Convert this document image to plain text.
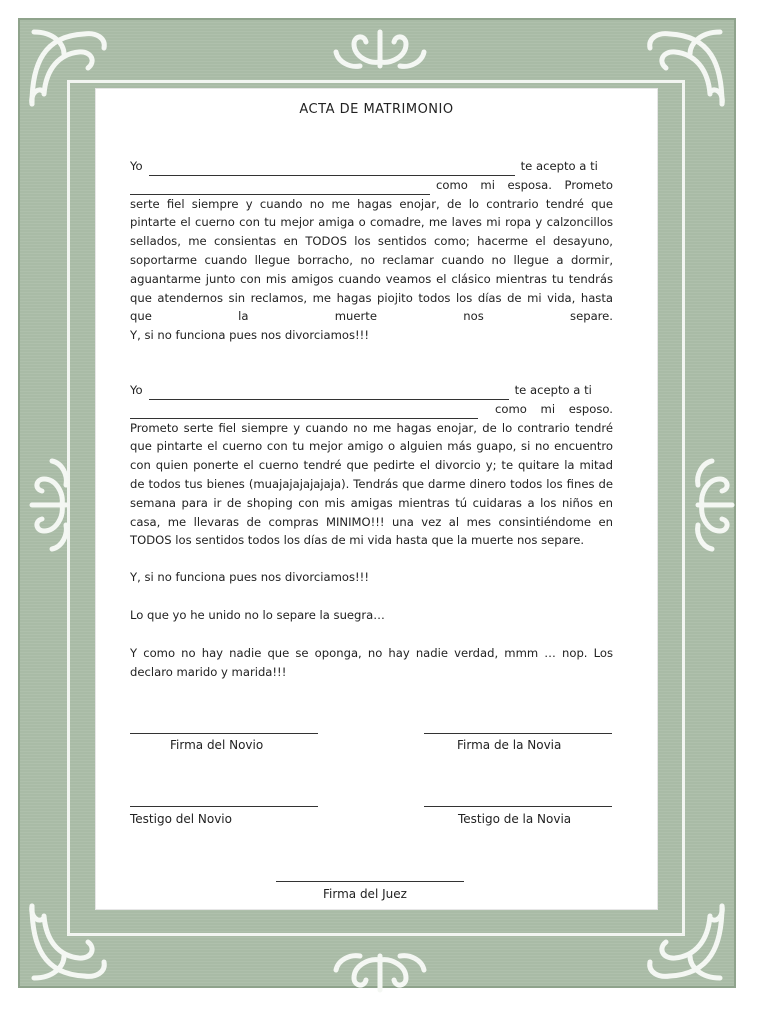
ACTA DE MATRIMONIO
Yo	te acepto a ti
como mi esposa. Prometo
serte fiel siempre y cuando no me hagas enojar, de lo contrario tendré que pintarte el cuerno con tu mejor amiga o comadre, me laves mi ropa y calzoncillos sellados, me consientas en TODOS los sentidos como; hacerme el desayuno, soportarme cuando llegue borracho, no reclamar cuando no llegue a dormir, aguantarme junto con mis amigos cuando veamos el clásico mientras tu tendrás que atendernos sin reclamos, me hagas piojito todos los días de mi vida, hasta que la muerte nos separe.
Y, si no funciona pues nos divorciamos!!!
Yo	te acepto a ti
como mi esposo.
Prometo serte fiel siempre y cuando no me hagas enojar, de lo contrario tendré que pintarte el cuerno con tu mejor amigo o alguien más guapo, si no encuentro con quien ponerte el cuerno tendré que pedirte el divorcio y; te quitare la mitad de todos tus bienes (muajajajajajaja). Tendrás que darme dinero todos los fines de semana para ir de shoping con mis amigas mientras tú cuidaras a los niños en casa, me llevaras de compras MINIMO!!! una vez al mes consintiéndome en TODOS los sentidos todos los días de mi vida hasta que la muerte nos separe.
Y, si no funciona pues nos divorciamos!!!
Lo que yo he unido no lo separe la suegra…
Y como no hay nadie que se oponga, no hay nadie verdad, mmm … nop. Los declaro marido y marida!!!
Firma del Novio	Firma de la Novia
Testigo del Novio	Testigo de la Novia
Firma del Juez
